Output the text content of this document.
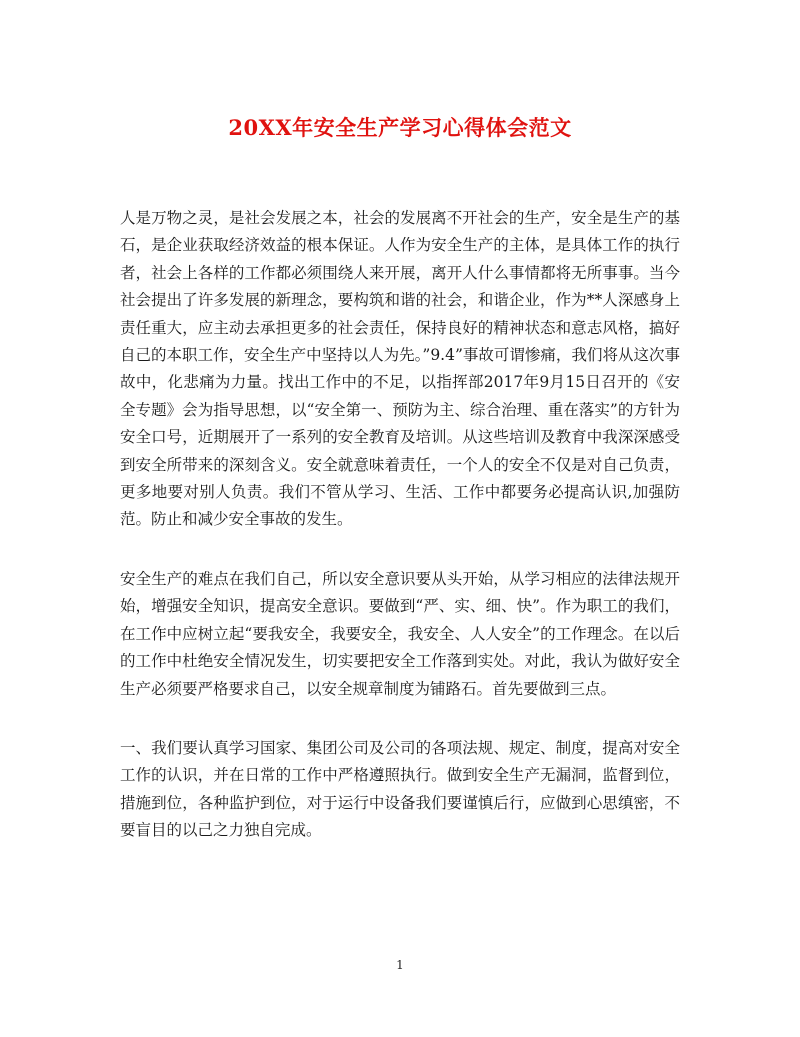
20XX年安全生产学习心得体会范文

人是万物之灵，是社会发展之本，社会的发展离不开社会的生产，安全是生产的基石，是企业获取经济效益的根本保证。人作为安全生产的主体，是具体工作的执行者，社会上各样的工作都必须围绕人来开展，离开人什么事情都将无所事事。当今社会提出了许多发展的新理念，要构筑和谐的社会，和谐企业，作为**人深感身上责任重大，应主动去承担更多的社会责任，保持良好的精神状态和意志风格，搞好自己的本职工作，安全生产中坚持以人为先。”9.4”事故可谓惨痛，我们将从这次事故中，化悲痛为力量。找出工作中的不足，以指挥部2017年9月15日召开的《安全专题》会为指导思想，以“安全第一、预防为主、综合治理、重在落实”的方针为安全口号，近期展开了一系列的安全教育及培训。从这些培训及教育中我深深感受到安全所带来的深刻含义。安全就意味着责任，一个人的安全不仅是对自己负责，更多地要对别人负责。我们不管从学习、生活、工作中都要务必提高认识,加强防范。防止和减少安全事故的发生。

安全生产的难点在我们自己，所以安全意识要从头开始，从学习相应的法律法规开始，增强安全知识，提高安全意识。要做到“严、实、细、快”。作为职工的我们，在工作中应树立起“要我安全，我要安全，我安全、人人安全”的工作理念。在以后的工作中杜绝安全情况发生，切实要把安全工作落到实处。对此，我认为做好安全生产必须要严格要求自己，以安全规章制度为铺路石。首先要做到三点。

一、我们要认真学习国家、集团公司及公司的各项法规、规定、制度，提高对安全工作的认识，并在日常的工作中严格遵照执行。做到安全生产无漏洞，监督到位，措施到位，各种监护到位，对于运行中设备我们要谨慎后行，应做到心思缜密，不要盲目的以己之力独自完成。

1
